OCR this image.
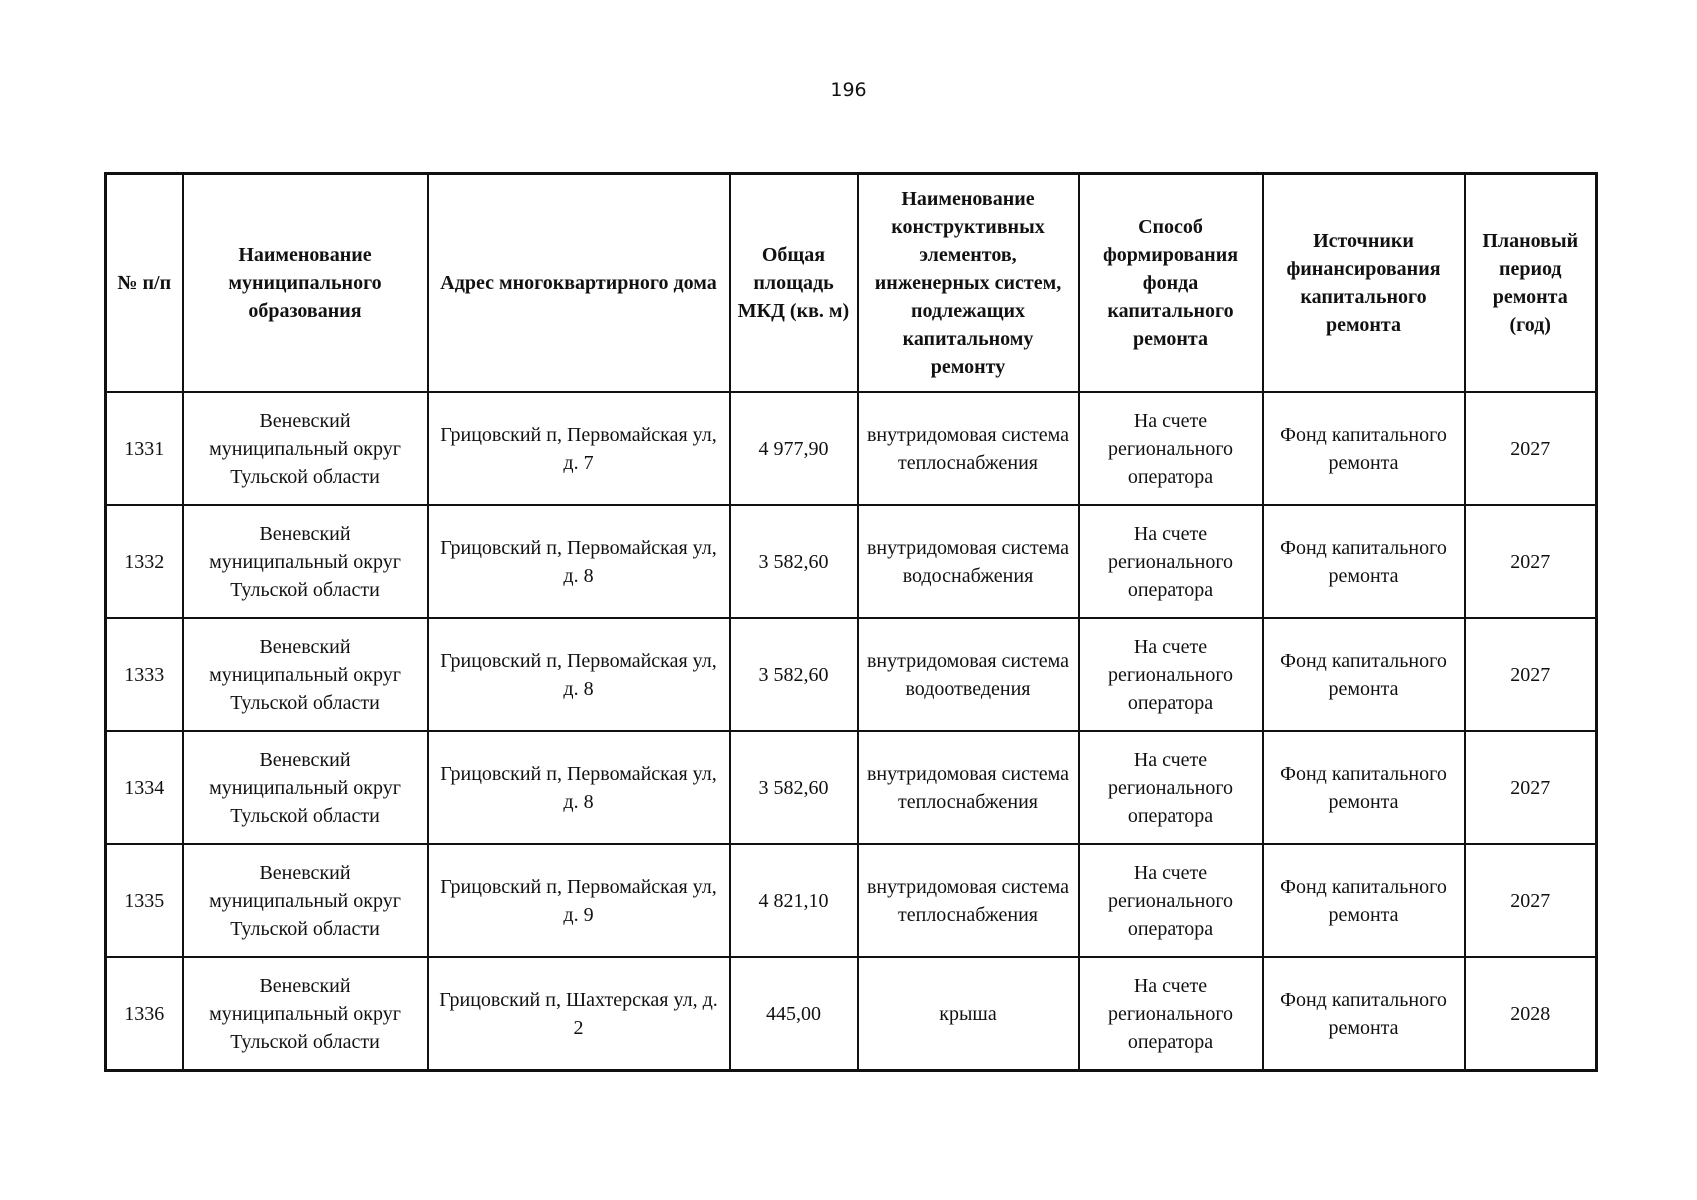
196
№ п/п	Наименование муниципального образования	Адрес многоквартирного дома	Общая площадь МКД (кв. м)	Наименование конструктивных элементов, инженерных систем, подлежащих капитальному ремонту	Способ формирования фонда капитального ремонта	Источники финансирования капитального ремонта	Плановый период ремонта (год)
1331	Веневский муниципальный округ Тульской области	Грицовский п, Первомайская ул, д. 7	4 977,90	внутридомовая система теплоснабжения	На счете регионального оператора	Фонд капитального ремонта	2027
1332	Веневский муниципальный округ Тульской области	Грицовский п, Первомайская ул, д. 8	3 582,60	внутридомовая система водоснабжения	На счете регионального оператора	Фонд капитального ремонта	2027
1333	Веневский муниципальный округ Тульской области	Грицовский п, Первомайская ул, д. 8	3 582,60	внутридомовая система водоотведения	На счете регионального оператора	Фонд капитального ремонта	2027
1334	Веневский муниципальный округ Тульской области	Грицовский п, Первомайская ул, д. 8	3 582,60	внутридомовая система теплоснабжения	На счете регионального оператора	Фонд капитального ремонта	2027
1335	Веневский муниципальный округ Тульской области	Грицовский п, Первомайская ул, д. 9	4 821,10	внутридомовая система теплоснабжения	На счете регионального оператора	Фонд капитального ремонта	2027
1336	Веневский муниципальный округ Тульской области	Грицовский п, Шахтерская ул, д. 2	445,00	крыша	На счете регионального оператора	Фонд капитального ремонта	2028
